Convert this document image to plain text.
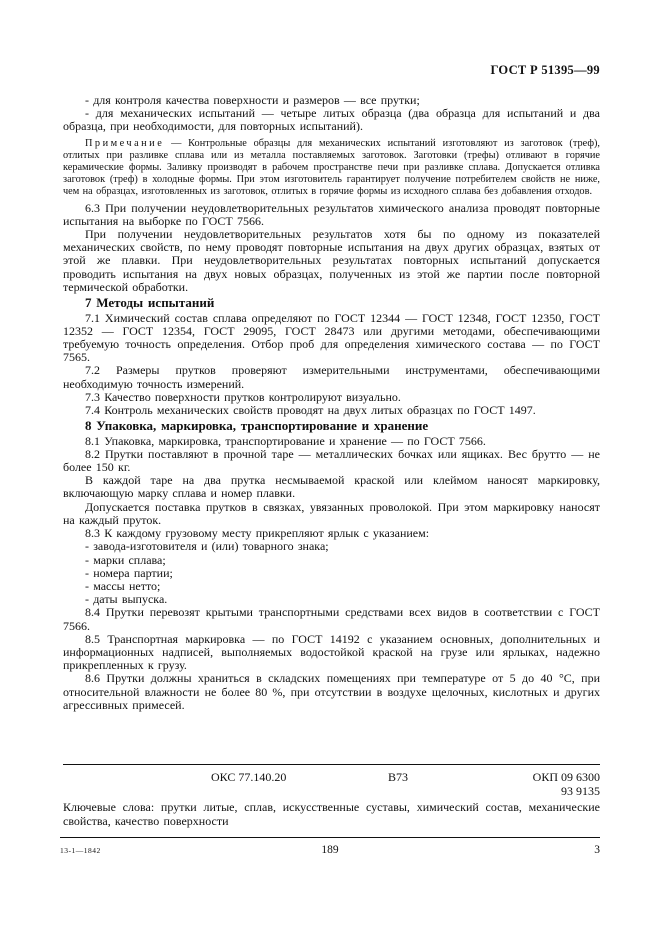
ГОСТ Р 51395—99
- для контроля качества поверхности и размеров — все прутки;
- для механических испытаний — четыре литых образца (два образца для испытаний и два образца, при необходимости, для повторных испытаний).
Примечание — Контрольные образцы для механических испытаний изготовляют из заготовок (треф), отлитых при разливке сплава или из металла поставляемых заготовок. Заготовки (трефы) отливают в горячие керамические формы. Заливку производят в рабочем пространстве печи при разливке сплава. Допускается отливка заготовок (треф) в холодные формы. При этом изготовитель гарантирует получение потребителем свойств не ниже, чем на образцах, изготовленных из заготовок, отлитых в горячие формы из исходного сплава без добавления отходов.
6.3 При получении неудовлетворительных результатов химического анализа проводят повторные испытания на выборке по ГОСТ 7566.
При получении неудовлетворительных результатов хотя бы по одному из показателей механических свойств, по нему проводят повторные испытания на двух других образцах, взятых от этой же плавки. При неудовлетворительных результатах повторных испытаний допускается проводить испытания на двух новых образцах, полученных из этой же партии после повторной термической обработки.
7 Методы испытаний
7.1 Химический состав сплава определяют по ГОСТ 12344 — ГОСТ 12348, ГОСТ 12350, ГОСТ 12352 — ГОСТ 12354, ГОСТ 29095, ГОСТ 28473 или другими методами, обеспечивающими требуемую точность определения. Отбор проб для определения химического состава — по ГОСТ 7565.
7.2 Размеры прутков проверяют измерительными инструментами, обеспечивающими необходимую точность измерений.
7.3 Качество поверхности прутков контролируют визуально.
7.4 Контроль механических свойств проводят на двух литых образцах по ГОСТ 1497.
8 Упаковка, маркировка, транспортирование и хранение
8.1 Упаковка, маркировка, транспортирование и хранение — по ГОСТ 7566.
8.2 Прутки поставляют в прочной таре — металлических бочках или ящиках. Вес брутто — не более 150 кг.
В каждой таре на два прутка несмываемой краской или клеймом наносят маркировку, включающую марку сплава и номер плавки.
Допускается поставка прутков в связках, увязанных проволокой. При этом маркировку наносят на каждый пруток.
8.3 К каждому грузовому месту прикрепляют ярлык с указанием:
- завода-изготовителя и (или) товарного знака;
- марки сплава;
- номера партии;
- массы нетто;
- даты выпуска.
8.4 Прутки перевозят крытыми транспортными средствами всех видов в соответствии с ГОСТ 7566.
8.5 Транспортная маркировка — по ГОСТ 14192 с указанием основных, дополнительных и информационных надписей, выполняемых водостойкой краской на грузе или ярлыках, надежно прикрепленных к грузу.
8.6 Прутки должны храниться в складских помещениях при температуре от 5 до 40 °С, при относительной влажности не более 80 %, при отсутствии в воздухе щелочных, кислотных и других агрессивных примесей.
ОКС 77.140.20	В73	ОКП 09 6300
93 9135
Ключевые слова: прутки литые, сплав, искусственные суставы, химический состав, механические свойства, качество поверхности
13-1—1842	189	3
